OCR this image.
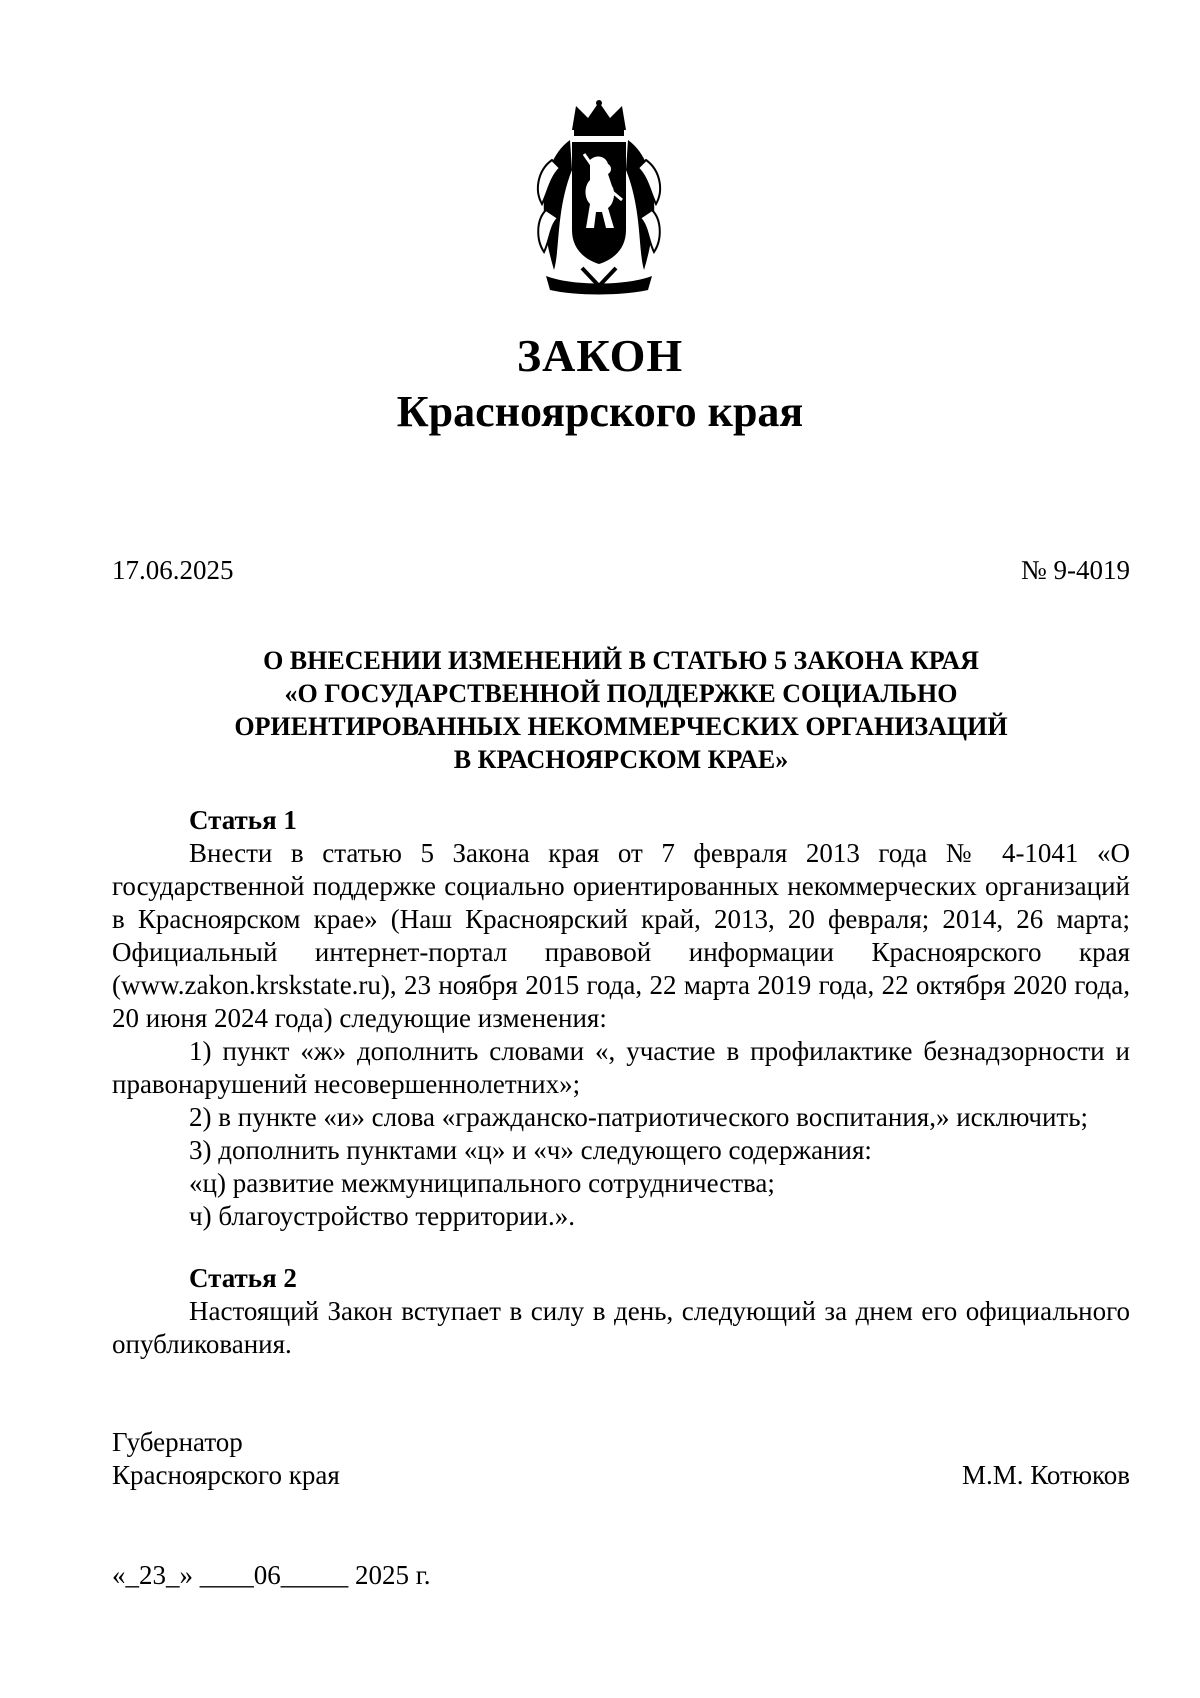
ЗАКОН
Красноярского края
17.06.2025	№ 9-4019
О ВНЕСЕНИИ ИЗМЕНЕНИЙ В СТАТЬЮ 5 ЗАКОНА КРАЯ
«О ГОСУДАРСТВЕННОЙ ПОДДЕРЖКЕ СОЦИАЛЬНО
ОРИЕНТИРОВАННЫХ НЕКОММЕРЧЕСКИХ ОРГАНИЗАЦИЙ
В КРАСНОЯРСКОМ КРАЕ»
Статья 1

Внести в статью 5 Закона края от 7 февраля 2013 года № 4-1041 «О государственной поддержке социально ориентированных некоммерческих организаций в Красноярском крае» (Наш Красноярский край, 2013, 20 февраля; 2014, 26 марта; Официальный интернет-портал правовой информации Красноярского края (www.zakon.krskstate.ru), 23 ноября 2015 года, 22 марта 2019 года, 22 октября 2020 года, 20 июня 2024 года) следующие изменения:

1) пункт «ж» дополнить словами «, участие в профилактике безнадзорности и правонарушений несовершеннолетних»;

2) в пункте «и» слова «гражданско-патриотического воспитания,» исключить;

3) дополнить пунктами «ц» и «ч» следующего содержания:

«ц) развитие межмуниципального сотрудничества;

ч) благоустройство территории.».

Статья 2

Настоящий Закон вступает в силу в день, следующий за днем его официального опубликования.

Губернатор
Красноярского края	М.М. Котюков
«_23_» ____06_____ 2025 г.
